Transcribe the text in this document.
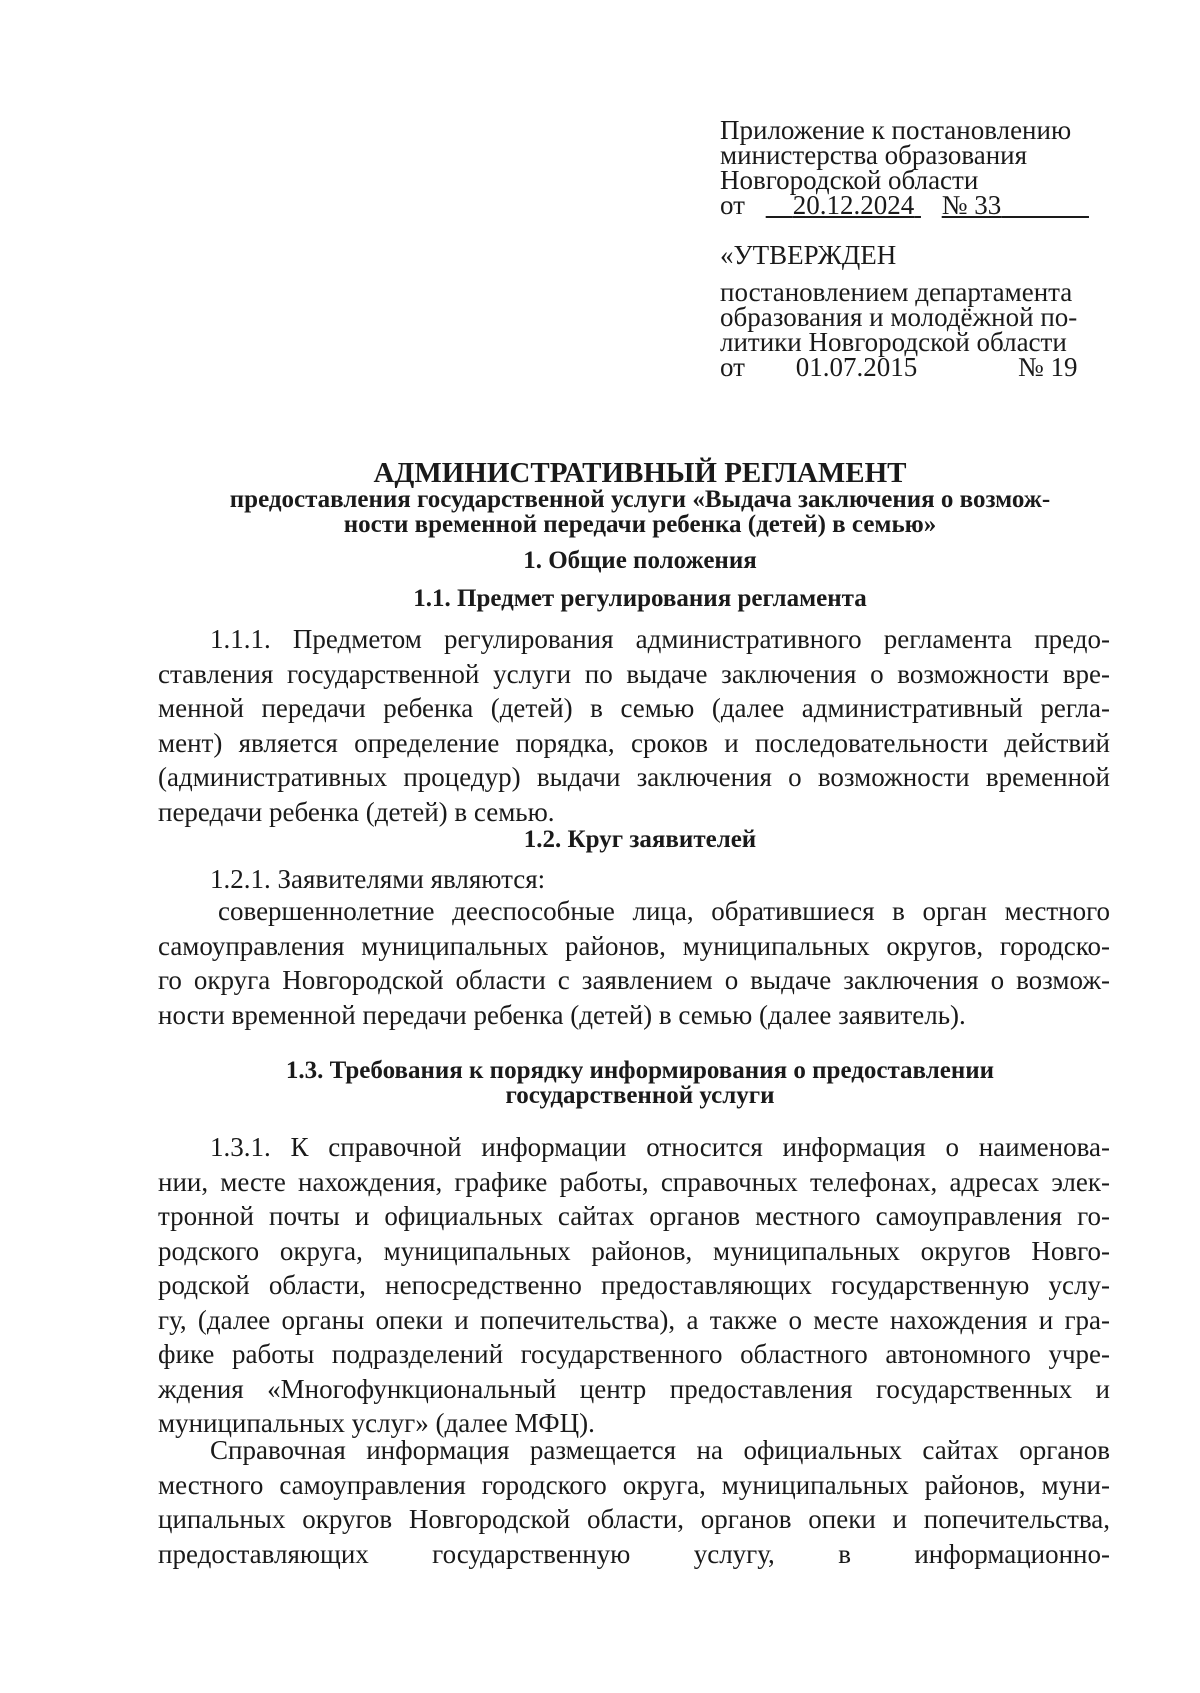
Приложение к постановлению
министерства образования
Новгородской области
от 20.12.2024 № 33
«УТВЕРЖДЕН
постановлением департамента
образования и молодёжной по-
литики Новгородской области
от 01.07.2015	№ 19
АДМИНИСТРАТИВНЫЙ РЕГЛАМЕНТ
предоставления государственной услуги «Выдача заключения о возмож-
ности временной передачи ребенка (детей) в семью»
1. Общие положения
1.1. Предмет регулирования регламента
1.1.1. Предметом регулирования административного регламента предо-
ставления государственной услуги по выдаче заключения о возможности вре-
менной передачи ребенка (детей) в семью (далее административный регла-
мент) является определение порядка, сроков и последовательности действий
(административных процедур) выдачи заключения о возможности временной
передачи ребенка (детей) в семью.
1.2. Круг заявителей
1.2.1. Заявителями являются:
совершеннолетние дееспособные лица, обратившиеся в орган местного
самоуправления муниципальных районов, муниципальных округов, городско-
го округа Новгородской области с заявлением о выдаче заключения о возмож-
ности временной передачи ребенка (детей) в семью (далее заявитель).
1.3. Требования к порядку информирования о предоставлении
государственной услуги
1.3.1. К справочной информации относится информация о наименова-
нии, месте нахождения, графике работы, справочных телефонах, адресах элек-
тронной почты и официальных сайтах органов местного самоуправления го-
родского округа, муниципальных районов, муниципальных округов Новго-
родской области, непосредственно предоставляющих государственную услу-
гу, (далее органы опеки и попечительства), а также о месте нахождения и гра-
фике работы подразделений государственного областного автономного учре-
ждения «Многофункциональный центр предоставления государственных и
муниципальных услуг» (далее МФЦ).
Справочная информация размещается на официальных сайтах органов
местного самоуправления городского округа, муниципальных районов, муни-
ципальных округов Новгородской области, органов опеки и попечительства,
предоставляющих государственную услугу, в информационно-
